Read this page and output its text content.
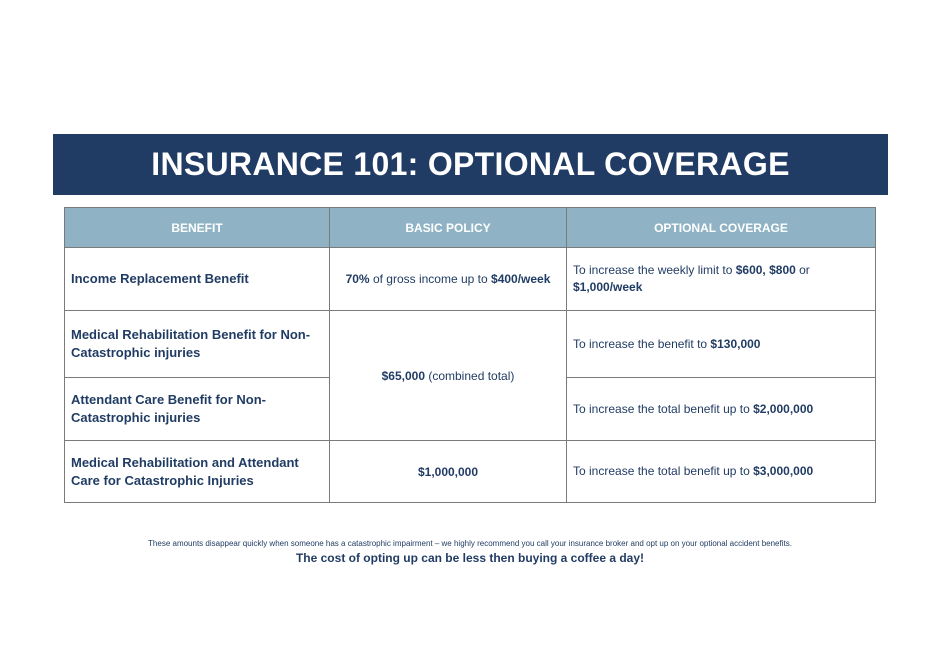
INSURANCE 101: OPTIONAL COVERAGE
BENEFIT	BASIC POLICY	OPTIONAL COVERAGE
Income Replacement Benefit	70% of gross income up to $400/week	To increase the weekly limit to $600, $800 or $1,000/week
Medical Rehabilitation Benefit for Non-Catastrophic injuries	$65,000 (combined total)	To increase the benefit to $130,000
Attendant Care Benefit for Non-Catastrophic injuries		To increase the total benefit up to $2,000,000
Medical Rehabilitation and Attendant Care for Catastrophic Injuries	$1,000,000	To increase the total benefit up to $3,000,000
These amounts disappear quickly when someone has a catastrophic impairment – we highly recommend you call your insurance broker and opt up on your optional accident benefits.
The cost of opting up can be less then buying a coffee a day!
